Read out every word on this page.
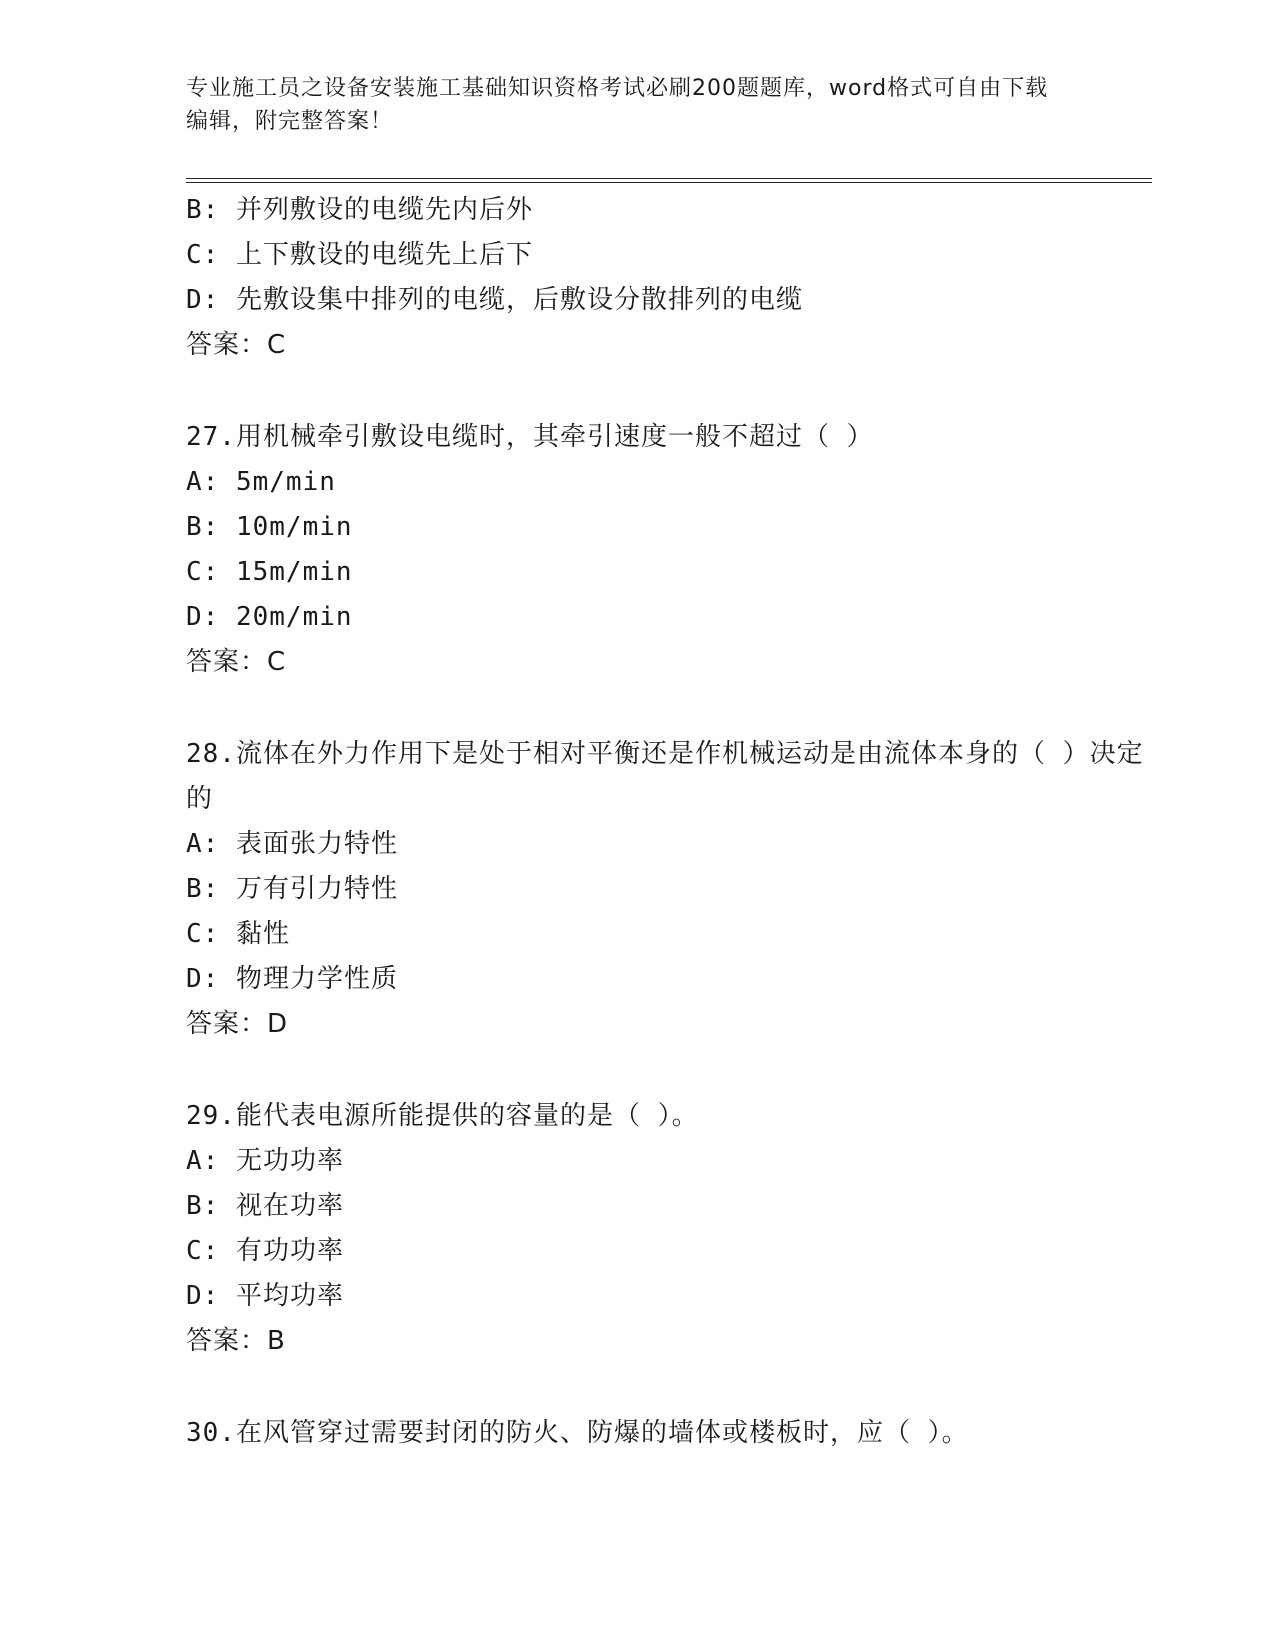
专业施工员之设备安装施工基础知识资格考试必刷200题题库，word格式可自由下载编辑，附完整答案！
B: 并列敷设的电缆先内后外
C: 上下敷设的电缆先上后下
D: 先敷设集中排列的电缆，后敷设分散排列的电缆
答案：C
27.用机械牵引敷设电缆时，其牵引速度一般不超过（ ）
A: 5m/min
B: 10m/min
C: 15m/min
D: 20m/min
答案：C
28.流体在外力作用下是处于相对平衡还是作机械运动是由流体本身的（ ）决定的
A: 表面张力特性
B: 万有引力特性
C: 黏性
D: 物理力学性质
答案：D
29.能代表电源所能提供的容量的是（ ）。
A: 无功功率
B: 视在功率
C: 有功功率
D: 平均功率
答案：B
30.在风管穿过需要封闭的防火、防爆的墙体或楼板时，应（ ）。
